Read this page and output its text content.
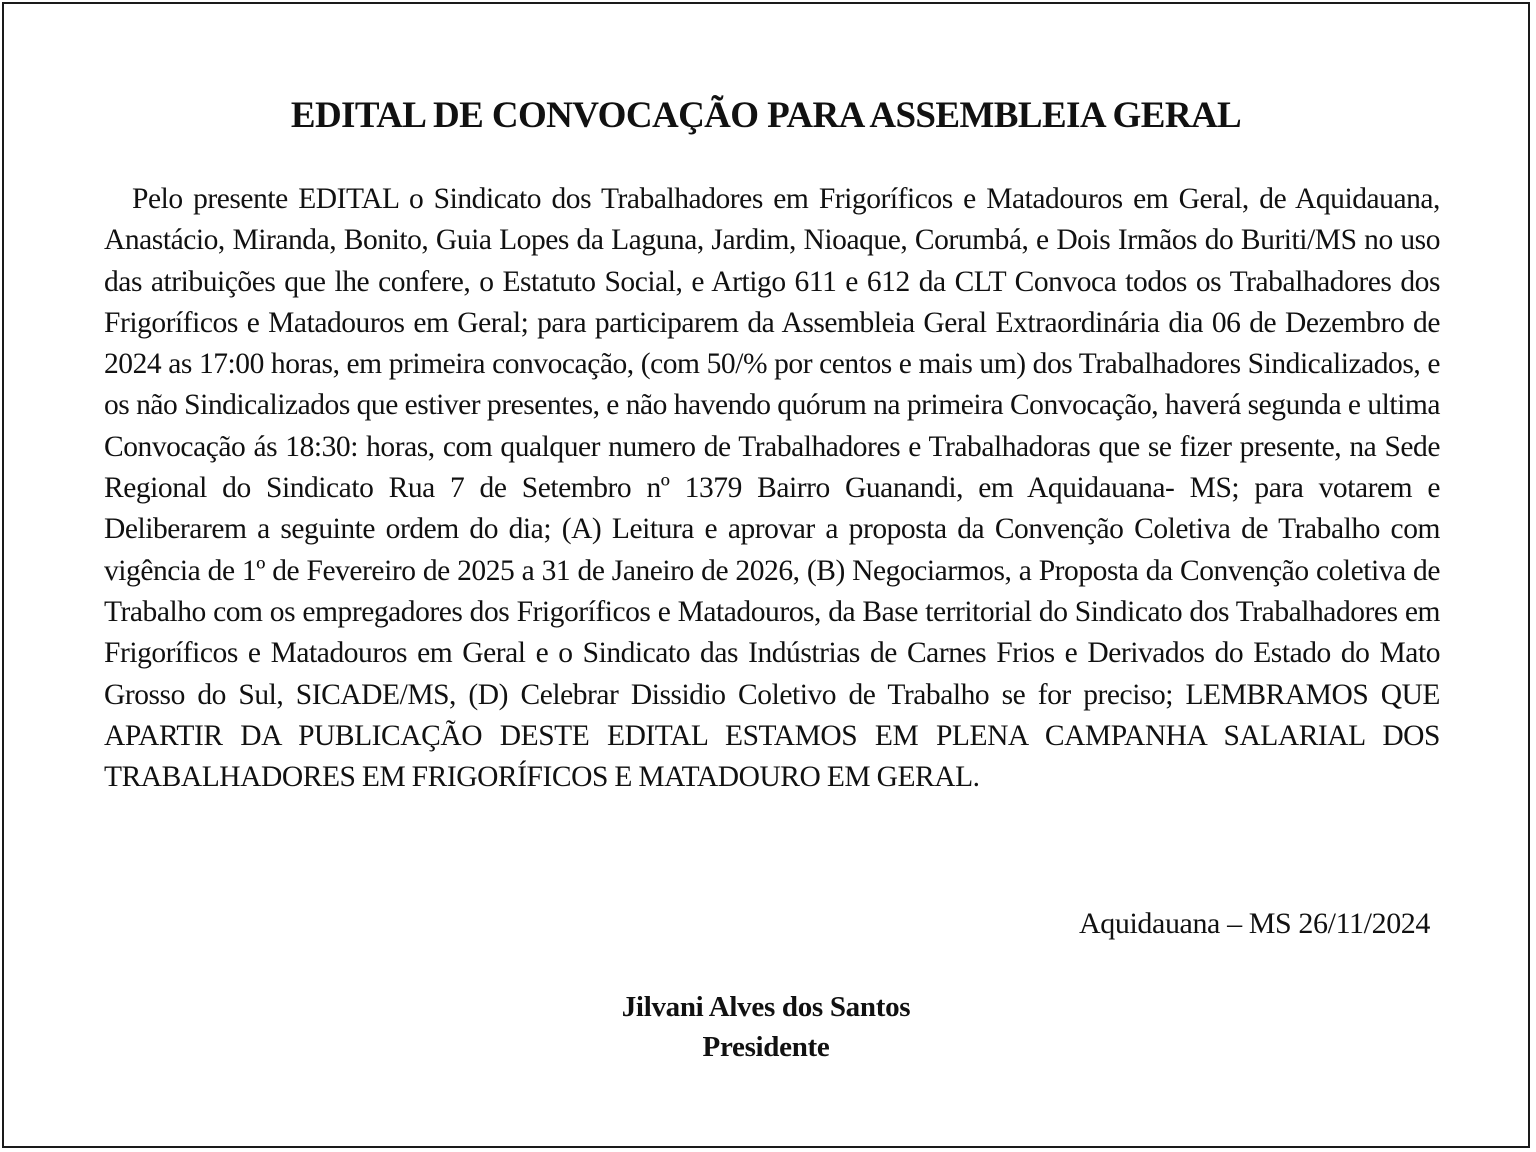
EDITAL DE CONVOCAÇÃO PARA ASSEMBLEIA GERAL

Pelo presente EDITAL o Sindicato dos Trabalhadores em Frigoríficos e Matadouros em Geral, de Aquidauana, Anastácio, Miranda, Bonito, Guia Lopes da Laguna, Jardim, Nioaque, Corumbá, e Dois Irmãos do Buriti/MS no uso das atribuições que lhe confere, o Estatuto Social, e Artigo 611 e 612 da CLT Convoca todos os Trabalhadores dos Frigoríficos e Matadouros em Geral; para participarem da Assembleia Geral Extraordinária dia 06 de Dezembro de 2024 as 17:00 horas, em primeira convocação, (com 50/% por centos e mais um) dos Trabalhadores Sindicalizados, e os não Sindicalizados que estiver presentes, e não havendo quórum na primeira Convocação, haverá segunda e ultima Convocação ás 18:30: horas, com qualquer numero de Trabalhadores e Trabalhadoras que se fizer presente, na Sede Regional do Sindicato Rua 7 de Setembro nº 1379 Bairro Guanandi, em Aquidauana- MS; para votarem e Deliberarem a seguinte ordem do dia; (A) Leitura e aprovar a proposta da Convenção Coletiva de Trabalho com vigência de 1º de Fevereiro de 2025 a 31 de Janeiro de 2026, (B) Negociarmos, a Proposta da Convenção coletiva de Trabalho com os empregadores dos Frigoríficos e Matadouros, da Base territorial do Sindicato dos Trabalhadores em Frigoríficos e Matadouros em Geral e o Sindicato das Indústrias de Carnes Frios e Derivados do Estado do Mato Grosso do Sul, SICADE/MS, (D) Celebrar Dissidio Coletivo de Trabalho se for preciso; LEMBRAMOS QUE APARTIR DA PUBLICAÇÃO DESTE EDITAL ESTAMOS EM PLENA CAMPANHA SALARIAL DOS TRABALHADORES EM FRIGORÍFICOS E MATADOURO EM GERAL.

Aquidauana – MS 26/11/2024

Jilvani Alves dos Santos
Presidente
